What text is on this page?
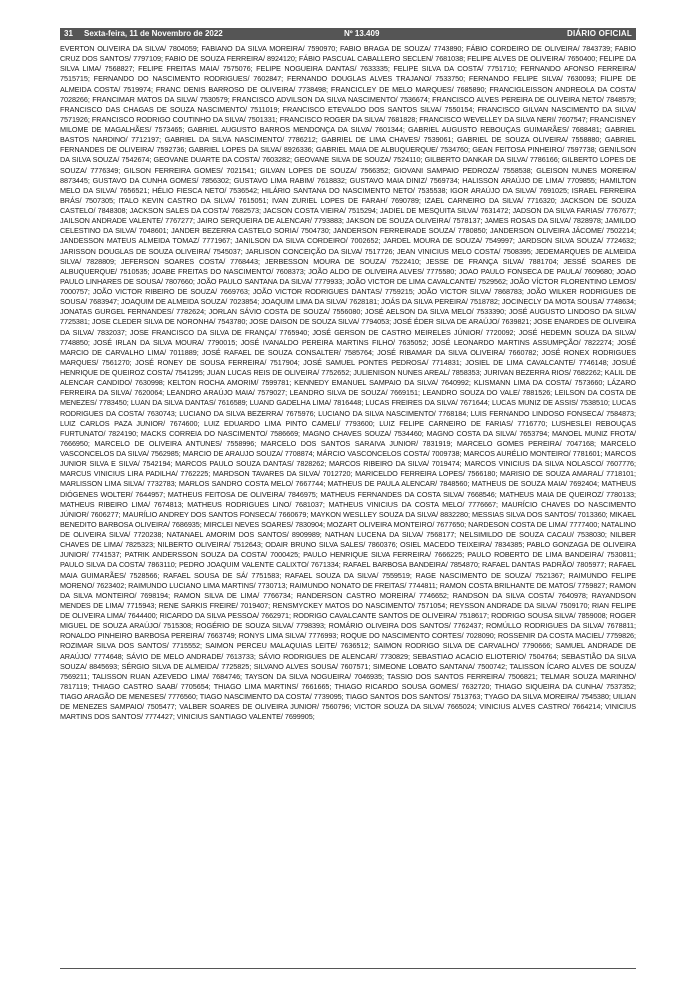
31	Sexta-feira, 11 de Novembro de 2022	Nº 13.409	DIÁRIO OFICIAL
EVERTON OLIVEIRA DA SILVA/ 7804059; FABIANO DA SILVA MOREIRA/ 7590970; FABIO BRAGA DE SOUZA/ 7743890; FÁBIO CORDEIRO DE OLIVEIRA/ 7843739; FABIO CRUZ DOS SANTOS/ 7797109; FABIO DE SOUZA FERREIRA/ 8924120; FÁBIO PASCUAL CABALLERO SECLEN/ 7681038; FELIPE ALVES DE OLIVEIRA/ 7650400; FELIPE DA SILVA LIMA/ 7568827; FELIPE FREITAS MAIA/ 7575076; FELIPE NOGUEIRA DANTAS/ 7633335; FELIPE SILVA DA COSTA/ 7751710; FERNANDO AFONSO FERREIRA/ 7515715; FERNANDO DO NASCIMENTO RODRIGUES/ 7602847; FERNANDO DOUGLAS ALVES TRAJANO/ 7533750; FERNANDO FELIPE SILVA/ 7630093; FILIPE DE ALMEIDA COSTA/ 7519974; FRANC DENIS BARROSO DE OLIVEIRA/ 7738498; FRANCICLEY DE MELO MARQUES/ 7685890; FRANCIGLEISSON ANDREOLA DA COSTA/ 7028266; FRANCIMAR MATOS DA SILVA/ 7530579; FRANCISCO ADVILSON DA SILVA NASCIMENTO/ 7536674; FRANCISCO ALVES PEREIRA DE OLIVEIRA NETO/ 7848579; FRANCISCO DAS CHAGAS DE SOUZA NASCIMENTO/ 7511019; FRANCISCO ETEVALDO DOS SANTOS SILVA/ 7550154; FRANCISCO GILVAN NASCIMENTO DA SILVA/ 7571926; FRANCISCO RODRIGO COUTINHO DA SILVA/ 7501331; FRANCISCO ROGER DA SILVA/ 7681828; FRANCISCO WEVELLEY DA SILVA NERI/ 7607547; FRANCISNEY MILOME DE MAGALHÃES/ 7573465; GABRIEL AUGUSTO BARROS MENDONÇA DA SILVA/ 7601344; GABRIEL AUGUSTO REBOUÇAS GUIMARÃES/ 7688481; GABRIEL BASTOS NARDINO/ 7712197; GABRIEL DA SILVA NASCIMENTO/ 7786212; GABRIEL DE LIMA CHAVES/ 7539061; GABRIEL DE SOUZA OLIVEIRA/ 7558880; GABRIEL FERNANDES DE OLIVEIRA/ 7592736; GABRIEL LOPES DA SILVA/ 8926336; GABRIEL MAIA DE ALBUQUERQUE/ 7534760; GEAN FEITOSA PINHEIRO/ 7597738; GENILSON DA SILVA SOUZA/ 7542674; GEOVANE DUARTE DA COSTA/ 7603282; GEOVANE SILVA DE SOUZA/ 7524110; GILBERTO DANKAR DA SILVA/ 7786166; GILBERTO LOPES DE SOUZA/ 7776349; GILSON FERREIRA GOMES/ 7021541; GILVAN LOPES DE SOUZA/ 7566352; GIOVANI SAMPAIO PEDROZA/ 7558538; GLEISON NUNES MOREIRA/ 8873445; GUSTAVO DA CUNHA GOMES/ 7856302; GUSTAVO LIMA RABIM/ 7618832; GUSTAVO MAIA DINIZ/ 7569734; HALISSON ARAÚJO DE LIMA/ 7709855; HAMILTON MELO DA SILVA/ 7656521; HÉLIO FIESCA NETO/ 7536542; HILÁRIO SANTANA DO NASCIMENTO NETO/ 7535538; IGOR ARAÚJO DA SILVA/ 7691025; ISRAEL FERREIRA BRÁS/ 7507305; ITALO KEVIN CASTRO DA SILVA/ 7615051; IVAN ZURIEL LOPES DE FARAH/ 7690789; IZAEL CARNEIRO DA SILVA/ 7716320; JACKSON DE SOUZA CASTELO/ 7848308; JACKSON SALES DA COSTA/ 7682573; JACSON COSTA VIEIRA/ 7515294; JADIEL DE MESQUITA SILVA/ 7631472; JADSON DA SILVA FARIAS/ 7767677; JAILSON ANDRADE VALENTE/ 7767277; JAIRO SERQUEIRA DE ALENCAR/ 7793883; JAKSON DE SOUZA OLIVEIRA/ 7578137; JAMES ROSAS DA SILVA/ 7828978; JAMILDO CELESTINO DA SILVA/ 7048601; JANDER BEZERRA CASTELO SORIA/ 7504730; JANDERSON FERREIRADE SOUZA/ 7780850; JANDERSON OLIVEIRA JÁCOME/ 7502214; JANDESSON MATEUS ALMEIDA TOMAZ/ 7771967; JANILSON DA SILVA CORDEIRO/ 7002652; JARDEL MOURA DE SOUZA/ 7549997; JARDSON SILVA SOUZA/ 7724632; JARISSON DOUGLAS DE SOUZA OLIVEIRA/ 7545037; JARLISON CONCEIÇÃO DA SILVA/ 7517726; JEAN VINICIUS MELO COSTA/ 7508395; JEDEMARQUES DE ALMEIDA SILVA/ 7828809; JEFERSON SOARES COSTA/ 7768443; JERBESSON MOURA DE SOUZA/ 7522410; JESSE DE FRANÇA SILVA/ 7881704; JESSÉ SOARES DE ALBUQUERQUE/ 7510535; JOABE FREITAS DO NASCIMENTO/ 7608373; JOÃO ALDO DE OLIVEIRA ALVES/ 7775580; JOAO PAULO FONSECA DE PAULA/ 7609680; JOAO PAULO LINHARES DE SOUSA/ 7807660; JOÃO PAULO SANTANA DA SILVA/ 7779933; JOÃO VICTOR DE LIMA CAVALCANTE/ 7529562; JOÃO VÍCTOR FLORENTINO LEMOS/ 7000757; JOÃO VICTOR RIBEIRO DE SOUZA/ 7669763; JOÃO VICTOR RODRIGUES DANTAS/ 7759215; JOÃO VICTOR SILVA/ 7868783; JOÃO WILKER RODRIGUES DE SOUSA/ 7683947; JOAQUIM DE ALMEIDA SOUZA/ 7023854; JOAQUIM LIMA DA SILVA/ 7628181; JOÁS DA SILVA PEREIRA/ 7518782; JOCINECLY DA MOTA SOUSA/ 7748634; JONATAS GURGEL FERNANDES/ 7782624; JORLAN SÁVIO COSTA DE SOUZA/ 7556080; JOSÉ AELSON DA SILVA MELO/ 7533390; JOSÉ AUGUSTO LINDOSO DA SILVA/ 7725381; JOSE CLEDER SILVA DE NORONHA/ 7543780; JOSE DAISON DE SOUZA SILVA/ 7794053; JOSÉ ÉDER SILVA DE ARAÚJO/ 7639821; JOSE ENARDES DE OLIVEIRA DA SILVA/ 7832037; JOSE FRANCISCO DA SILVA DE FRANÇA/ 7765940; JOSÉ GERSON DE CASTRO MEIRELES JÚNIOR/ 7720092; JOSÉ HEDEMN SOUZA DA SILVA/ 7748850; JOSÉ IRLAN DA SILVA MOURA/ 7790015; JOSÉ IVANALDO PEREIRA MARTINS FILHO/ 7635052; JOSÉ LEONARDO MARTINS ASSUMPÇÃO/ 7822274; JOSÉ MARCIO DE CARVALHO LIMA/ 7011889; JOSÉ RAFAEL DE SOUZA CONSALTER/ 7585764; JOSÉ RIBAMAR DA SILVA OLIVEIRA/ 7660782; JOSÉ RONEX RODRIGUES MARQUES/ 7561270; JOSÉ RONEY DE SOUSA FERREIRA/ 7517904; JOSÉ SAMUEL PONTES PEDROSA/ 7714831; JOSIEL DE LIMA CAVALCANTE/ 7746148; JOSUÉ HENRIQUE DE QUEIROZ COSTA/ 7541295; JUAN LUCAS REIS DE OLIVEIRA/ 7752652; JULIENISON NUNES AREAL/ 7858353; JURIVAN BEZERRA RIOS/ 7682262; KALIL DE ALENCAR CANDIDO/ 7630998; KELTON ROCHA AMORIM/ 7599781; KENNEDY EMANUEL SAMPAIO DA SILVA/ 7640992; KLISMANN LIMA DA COSTA/ 7573660; LÁZARO FERREIRA DA SILVA/ 7620064; LEANDRO ARAÚJO MAIA/ 7579027; LEANDRO SILVA DE SOUZA/ 7669151; LEANDRO SOUZA DO VALE/ 7881526; LEILSON DA COSTA DE MENEZES/ 7783450; LUAN DA SILVA DANTAS/ 7616589; LUAND GADELHA LIMA/ 7816448; LUCAS FREIRES DA SILVA/ 7671644; LUCAS MUNIZ DE ASSIS/ 7538510; LUCAS RODRIGUES DA COSTA/ 7630743; LUCIANO DA SILVA BEZERRA/ 7675976; LUCIANO DA SILVA NASCIMENTO/ 7768184; LUIS FERNANDO LINDOSO FONSECA/ 7584873; LUIZ CARLOS PAZA JUNIOR/ 7674600; LUIZ EDUARDO LIMA PINTO CAMELI/ 7793600; LUIZ FELIPE CARNEIRO DE FARIAS/ 7716770; LUSHESLEI REBOUÇAS FURTUNATO/ 7824190; MACKS CORREIA DO NASCIMENTO/ 7586669; MAGNO CHAVES SOUZA/ 7534460; MAGNO COSTA DA SILVA/ 7653794; MANOEL MUNIZ FROTA/ 7666950; MARCELO DE OLIVEIRA ANTUNES/ 7558996; MARCELO DOS SANTOS SARAIVA JUNIOR/ 7831919; MARCELO GOMES PEREIRA/ 7047168; MARCELO VASCONCELOS DA SILVA/ 7562985; MARCIO DE ARAUJO SOUZA/ 7708874; MÁRCIO VASCONCELOS COSTA/ 7009738; MARCOS AURÉLIO MONTEIRO/ 7781601; MARCOS JUNIOR SILVA E SILVA/ 7542194; MARCOS PAULO SOUZA DANTAS/ 7828262; MARCOS RIBEIRO DA SILVA/ 7019474; MARCOS VINICIUS DA SILVA NOLASCO/ 7607776; MARCUS VINICIUS LIRA PADILHA/ 7762225; MARDSON TAVARES DA SILVA/ 7012720; MARICELDO FERREIRA LOPES/ 7566180; MARISIO DE SOUZA AMARAL/ 7718101; MARLISSON LIMA SILVA/ 7732783; MARLOS SANDRO COSTA MELO/ 7667744; MATHEUS DE PAULA ALENCAR/ 7848560; MATHEUS DE SOUZA MAIA/ 7692404; MATHEUS DIÓGENES WOLTER/ 7644957; MATHEUS FEITOSA DE OLIVEIRA/ 7846975; MATHEUS FERNANDES DA COSTA SILVA/ 7668546; MATHEUS MAIA DE QUEIROZ/ 7780133; MATHEUS RIBEIRO LIMA/ 7674813; MATHEUS RODRIGUES LINO/ 7681037; MATHEUS VINICIUS DA COSTA MELO/ 7776667; MAURÍCIO CHAVES DO NASCIMENTO JÚNIOR/ 7606277; MAURÍLIO ANDREY DOS SANTOS FONSECA/ 7660679; MAYKON WESLLEY SOUZA DA SILVA/ 8832280; MESSIAS SILVA DOS SANTOS/ 7013360; MIKAEL BENEDITO BARBOSA OLIVEIRA/ 7686935; MIRCLEI NEVES SOARES/ 7830904; MOZART OLIVEIRA MONTEIRO/ 7677650; NARDESON COSTA DE LIMA/ 7777400; NATALINO DE OLIVEIRA SILVA/ 7720238; NATANAEL AMORIM DOS SANTOS/ 8909989; NATHAN LUCENA DA SILVA/ 7568177; NELSIMILDO DE SOUZA CACAU/ 7538030; NILBER CHAVES DE LIMA/ 7825323; NILBERTO OLIVEIRA/ 7512643; ODAIR BRUNO SILVA SALES/ 7860376; OSIEL MACEDO TEIXEIRA/ 7834385; PABLO GONZAGA DE OLIVEIRA JUNIOR/ 7741537; PATRIK ANDERSSON SOUZA DA COSTA/ 7000425; PAULO HENRIQUE SILVA FERREIRA/ 7666225; PAULO ROBERTO DE LIMA BANDEIRA/ 7530811; PAULO SILVA DA COSTA/ 7863110; PEDRO JOAQUIM VALENTE CALIXTO/ 7671334; RAFAEL BARBOSA BANDEIRA/ 7854870; RAFAEL DANTAS PADRÃO/ 7805977; RAFAEL MAIA GUIMARÃES/ 7528566; RAFAEL SOUSA DE SÁ/ 7751583; RAFAEL SOUZA DA SILVA/ 7559519; RAGE NASCIMENTO DE SOUZA/ 7521367; RAIMUNDO FELIPE MORENO/ 7623402; RAIMUNDO LUCIANO LIMA MARTINS/ 7730713; RAIMUNDO NONATO DE FREITAS/ 7744811; RAMON COSTA BRILHANTE DE MATOS/ 7759827; RAMON DA SILVA MONTEIRO/ 7698194; RAMON SILVA DE LIMA/ 7766734; RANDERSON CASTRO MOREIRA/ 7746652; RANDSON DA SILVA COSTA/ 7640978; RAYANDSON MENDES DE LIMA/ 7715943; RENE SARKIS FREIRE/ 7019407; RENSMYCKEY MATOS DO NASCIMENTO/ 7571054; REYSSON ANDRADE DA SILVA/ 7509170; RIAN FELIPE DE OLIVEIRA LIMA/ 7644400; RICARDO DA SILVA PESSOA/ 7662971; RODRIGO CAVALCANTE SANTOS DE OLIVEIRA/ 7518617; RODRIGO SOUSA SILVA/ 7859008; ROGER MIGUEL DE SOUZA ARAÚJO/ 7515308; ROGÉRIO DE SOUZA SILVA/ 7798393; ROMÁRIO OLIVEIRA DOS SANTOS/ 7762437; ROMÚLLO RODRIGUES DA SILVA/ 7678811; RONALDO PINHEIRO BARBOSA PEREIRA/ 7663749; RONYS LIMA SILVA/ 7776993; ROQUE DO NASCIMENTO CORTES/ 7028090; ROSSENIR DA COSTA MACIEL/ 7759826; ROZIMAR SILVA DOS SANTOS/ 7715552; SAIMON PERCEU MALAQUIAS LEITE/ 7636512; SAIMON RODRIGO SILVA DE CARVALHO/ 7790666; SAMUEL ANDRADE DE ARAÚJO/ 7774648; SÁVIO DE MELO ANDRADE/ 7613733; SÁVIO RODRIGUES DE ALENCAR/ 7730829; SEBASTIAO ACACIO ELIOTERIO/ 7504764; SEBASTIÃO DA SILVA SOUZA/ 8845693; SÉRGIO SILVA DE ALMEIDA/ 7725825; SILVANO ALVES SOUSA/ 7607571; SIMEONE LOBATO SANTANA/ 7500742; TALISSON ÍCARO ALVES DE SOUZA/ 7569211; TALISSON RUAN AZEVEDO LIMA/ 7684746; TAYSON DA SILVA NOGUEIRA/ 7046935; TASSIO DOS SANTOS FERREIRA/ 7506821; TELMAR SOUZA MARINHO/ 7817119; THIAGO CASTRO SAAB/ 7705654; THIAGO LIMA MARTINS/ 7661665; THIAGO RICARDO SOUSA GOMES/ 7632720; THIAGO SIQUEIRA DA CUNHA/ 7537352; TIAGO ARAGÃO DE MENESES/ 7776560; TIAGO NASCIMENTO DA COSTA/ 7739095; TIAGO SANTOS DOS SANTOS/ 7513763; TYAGO DA SILVA MOREIRA/ 7545380; UILIAN DE MENEZES SAMPAIO/ 7505477; VALBER SOARES DE OLIVEIRA JUNIOR/ 7560796; VICTOR SOUZA DA SILVA/ 7665024; VINICIUS ALVES CASTRO/ 7664214; VINICIUS MARTINS DOS SANTOS/ 7774427; VINICIUS SANTIAGO VALENTE/ 7699905;
